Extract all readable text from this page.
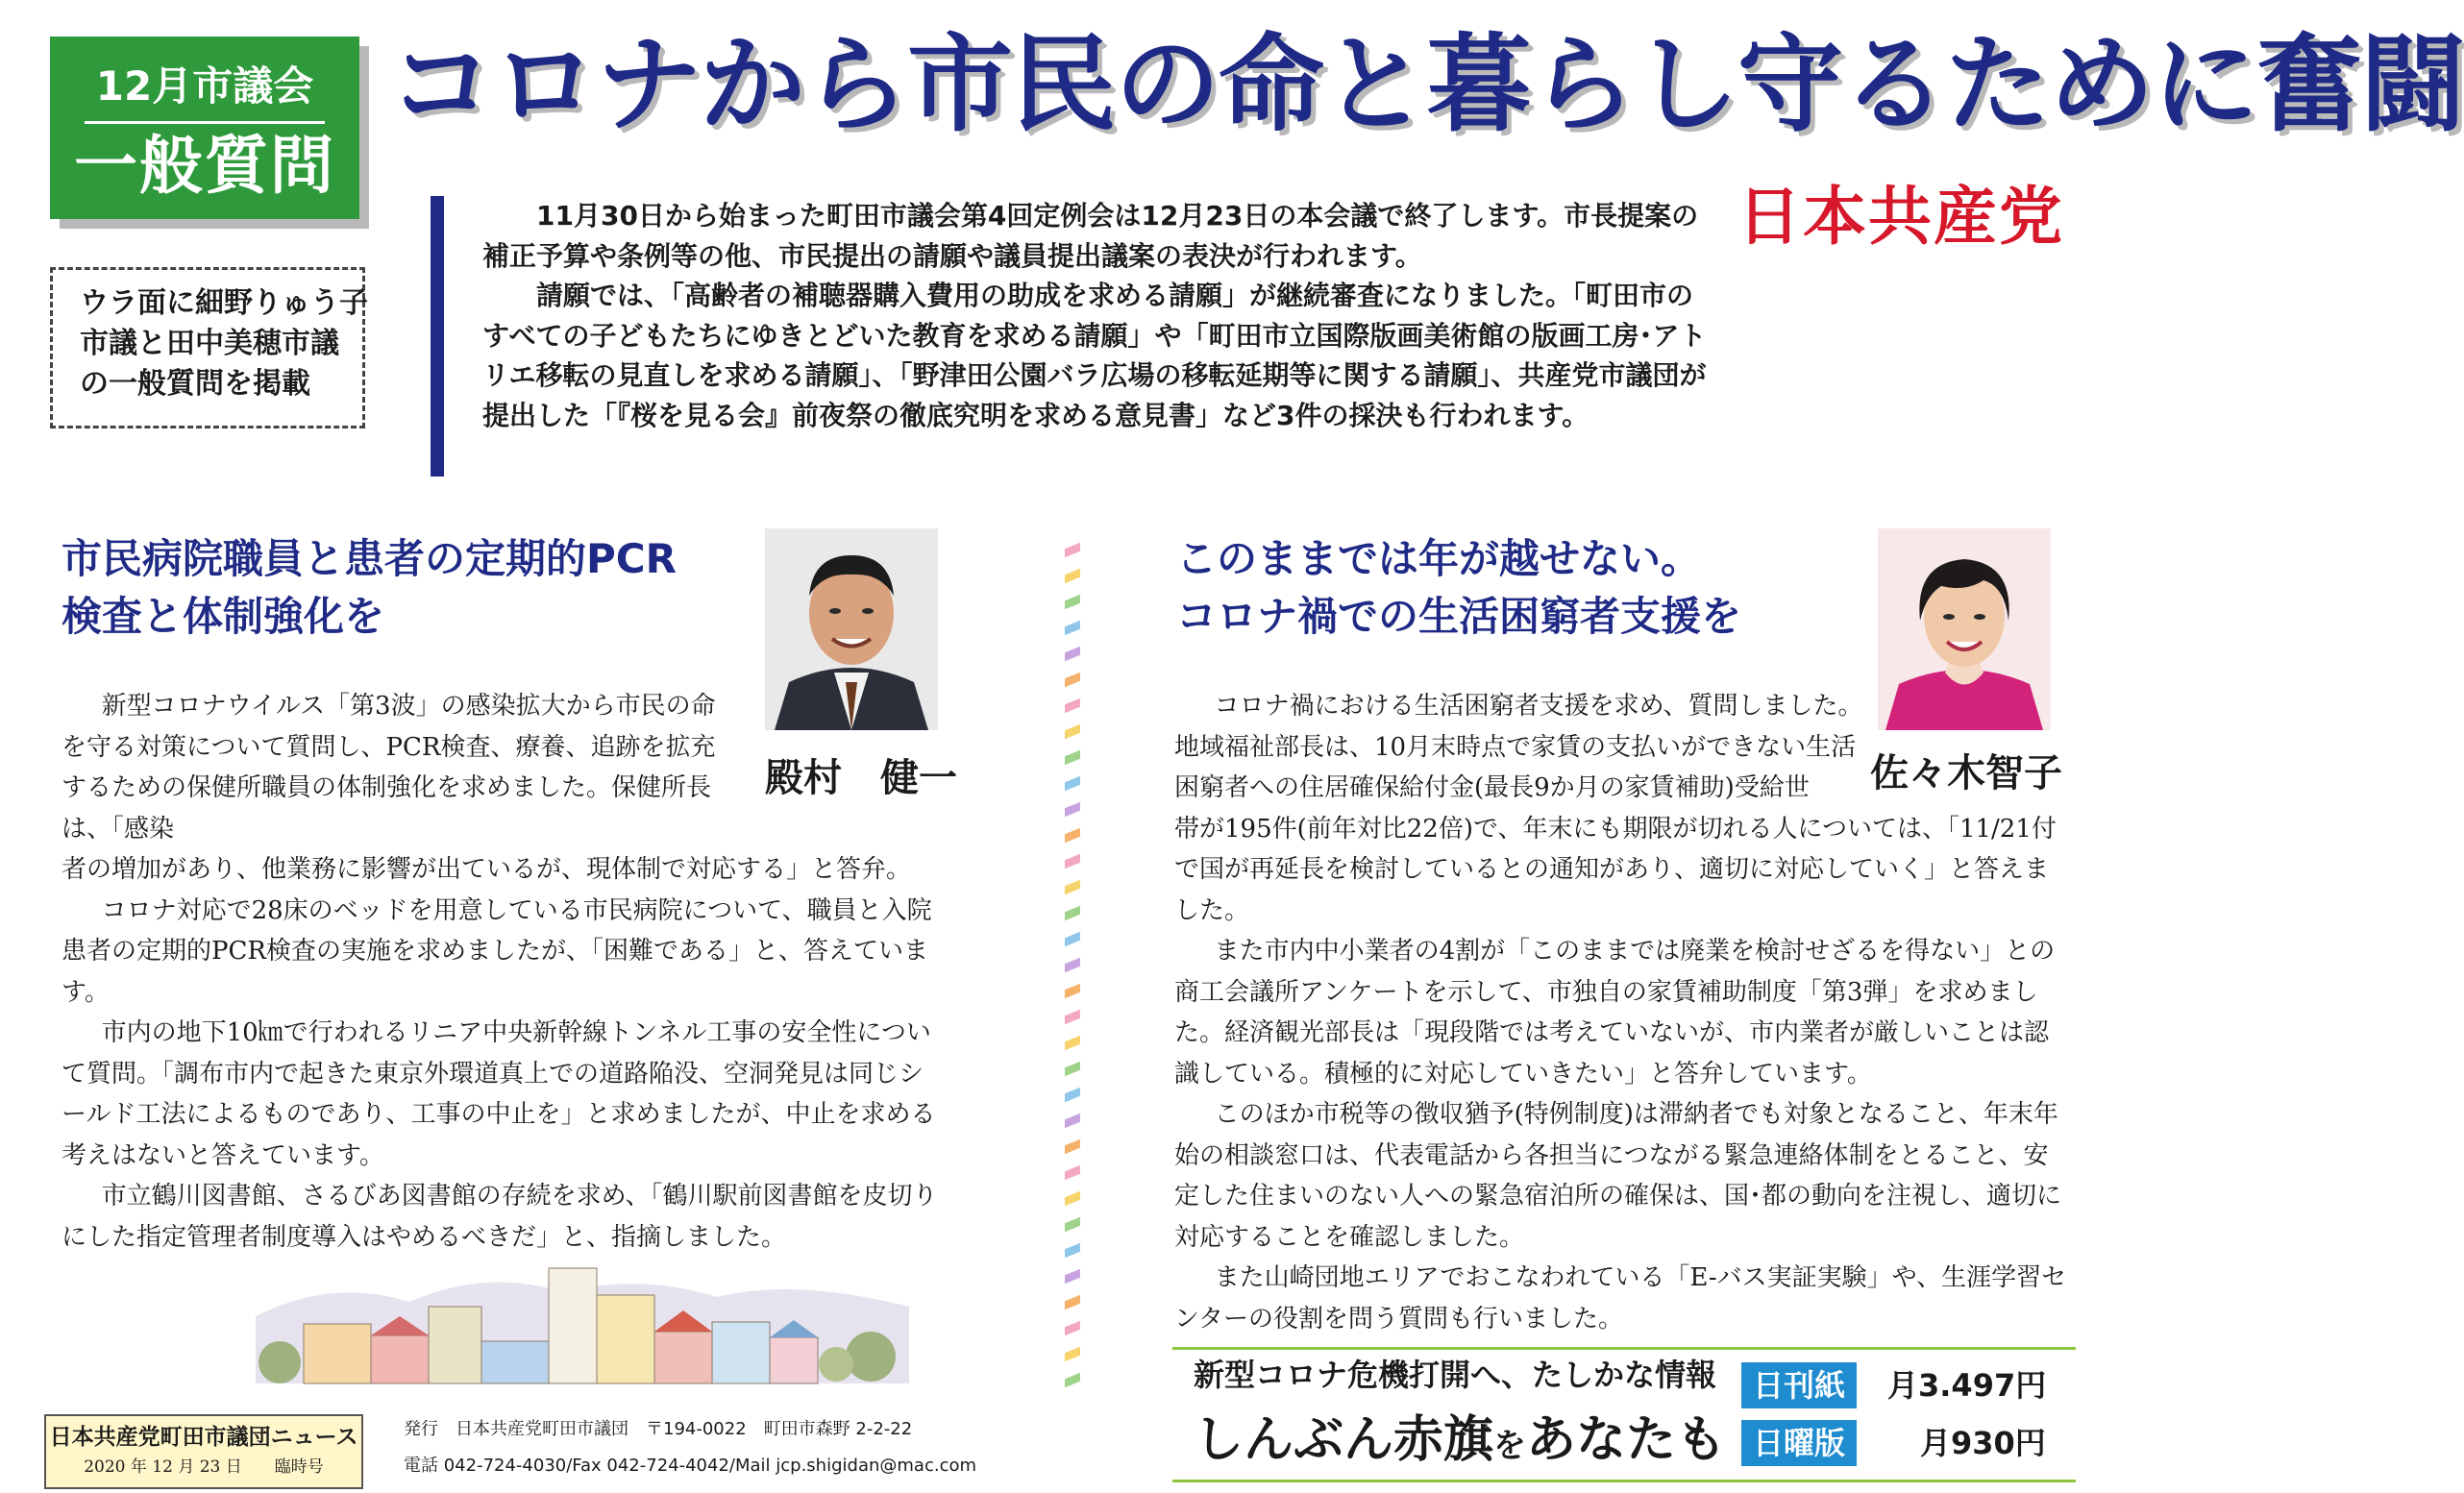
12月市議会
一般質問
コロナから市民の命と暮らし守るために奮闘
日本共産党
ウラ面に細野りゅう子
市議と田中美穂市議
の一般質問を掲載

11月30日から始まった町田市議会第4回定例会は12月23日の本会議で終了します。市長提案の補正予算や条例等の他、市民提出の請願や議員提出議案の表決が行われます。

請願では、「高齢者の補聴器購入費用の助成を求める請願」が継続審査になりました。「町田市のすべての子どもたちにゆきとどいた教育を求める請願」や「町田市立国際版画美術館の版画工房･アトリエ移転の見直しを求める請願」、「野津田公園バラ広場の移転延期等に関する請願」、共産党市議団が提出した「『桜を見る会』前夜祭の徹底究明を求める意見書」など3件の採決も行われます。

市民病院職員と患者の定期的PCR
検査と体制強化を
殿村　健一

新型コロナウイルス「第3波」の感染拡大から市民の命を守る対策について質問し、PCR検査、療養、追跡を拡充するための保健所職員の体制強化を求めました。保健所長は、「感染

者の増加があり、他業務に影響が出ているが、現体制で対応する」と答弁。

コロナ対応で28床のベッドを用意している市民病院について、職員と入院患者の定期的PCR検査の実施を求めましたが、「困難である」と、答えています。

市内の地下10㎞で行われるリニア中央新幹線トンネル工事の安全性について質問。「調布市内で起きた東京外環道真上での道路陥没、空洞発見は同じシールド工法によるものであり、工事の中止を」と求めましたが、中止を求める考えはないと答えています。

市立鶴川図書館、さるびあ図書館の存続を求め、「鶴川駅前図書館を皮切りにした指定管理者制度導入はやめるべきだ」と、指摘しました。

このままでは年が越せない。
コロナ禍での生活困窮者支援を
佐々木智子

コロナ禍における生活困窮者支援を求め、質問しました。地域福祉部長は、10月末時点で家賃の支払いができない生活困窮者への住居確保給付金(最長9か月の家賃補助)受給世

帯が195件(前年対比22倍)で、年末にも期限が切れる人については、「11/21付で国が再延長を検討しているとの通知があり、適切に対応していく」と答えました。

また市内中小業者の4割が「このままでは廃業を検討せざるを得ない」との商工会議所アンケートを示して、市独自の家賃補助制度「第3弾」を求めました。経済観光部長は「現段階では考えていないが、市内業者が厳しいことは認識している。積極的に対応していきたい」と答弁しています。

このほか市税等の徴収猶予(特例制度)は滞納者でも対象となること、年末年始の相談窓口は、代表電話から各担当につながる緊急連絡体制をとること、安定した住まいのない人への緊急宿泊所の確保は、国･都の動向を注視し、適切に対応することを確認しました。

また山崎団地エリアでおこなわれている「E-バス実証実験」や、生涯学習センターの役割を問う質問も行いました。

日本共産党町田市議団ニュース
2020 年 12 月 23 日　　臨時号
発行　日本共産党町田市議団　〒194-0022　町田市森野 2-2-22
電話 042-724-4030/Fax 042-724-4042/Mail jcp.shigidan@mac.com
新型コロナ危機打開へ、たしかな情報
しんぶん赤旗をあなたも
日刊紙	月3.497円
日曜版	月930円
